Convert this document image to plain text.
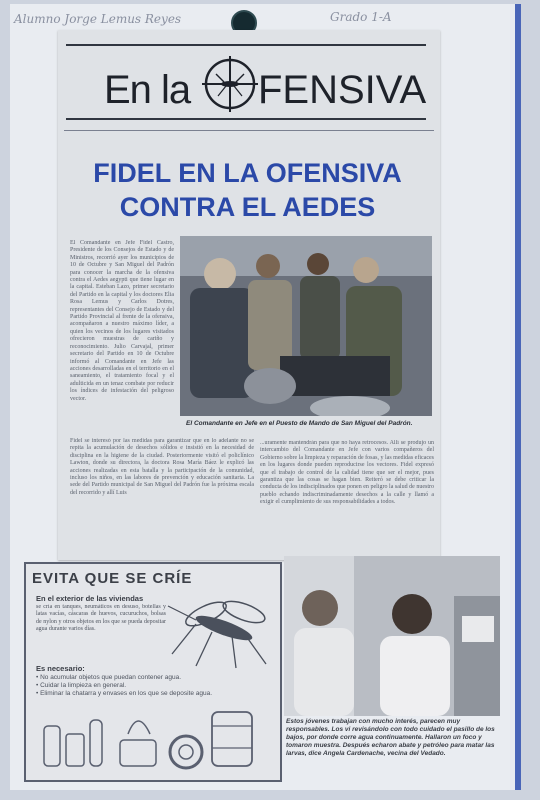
Alumno Jorge Lemus Reyes	Grado 1-A
En la FENSIVA
FIDEL EN LA OFENSIVA
CONTRA EL AEDES
El Comandante en Jefe Fidel Castro, Presidente de los Consejos de Estado y de Ministros, recorrió ayer los municipios de 10 de Octubre y San Miguel del Padrón para conocer la marcha de la ofensiva contra el Aedes aegypti que tiene lugar en la capital. Esteban Lazo, primer secretario del Partido en la capital y los doctores Elia Rosa Lemus y Carlos Dotres, representantes del Consejo de Estado y del Partido Provincial al frente de la ofensiva, acompañaron a nuestro máximo líder, a quien los vecinos de los lugares visitados ofrecieron muestras de cariño y reconocimiento. Julio Carvajal, primer secretario del Partido en 10 de Octubre informó al Comandante en Jefe las acciones desarrolladas en el territorio en el saneamiento, el tratamiento focal y el adulticida en un tenaz combate por reducir los índices de infestación del peligroso vector.
El Comandante en Jefe en el Puesto de Mando de San Miguel del Padrón.
Fidel se interesó por las medidas para garantizar que en lo adelante no se repita la acumulación de desechos sólidos e insistió en la necesidad de disciplina en la higiene de la ciudad. Posteriormente visitó el policlínico Lawton, donde su directora, la doctora Rosa María Báez le explicó las acciones realizadas en esta batalla y la participación de la comunidad, incluso los niños, en las labores de prevención y educación sanitaria. La sede del Partido municipal de San Miguel del Padrón fue la próxima escala del recorrido y allí Luis
...uramente mantendrán para que no haya retrocesos. Allí se produjo un intercambio del Comandante en Jefe con varios compañeros del Gobierno sobre la limpieza y reparación de fosas, y las medidas eficaces en los lugares donde pueden reproducirse los vectores. Fidel expresó que el trabajo de control de la calidad tiene que ser el mejor, pues garantiza que las cosas se hagan bien. Reiteró se debe criticar la conducta de los indisciplinados que ponen en peligro la salud de nuestro pueblo echando indiscriminadamente desechos a la calle y llamó a exigir el cumplimiento de sus responsabilidades a todos.
EVITA QUE SE CRÍE
En el exterior de las viviendas
se cría en tanques, neumáticos en desuso, botellas y latas vacías, cáscaras de huevos, cucuruchos, bolsas de nylon y otros objetos en los que se pueda depositar agua durante varios días.
Es necesario:
• No acumular objetos que puedan contener agua.
• Cuidar la limpieza en general.
• Eliminar la chatarra y envases en los que se deposite agua.
Estos jóvenes trabajan con mucho interés, parecen muy responsables. Los vi revisándolo con todo cuidado el pasillo de los bajos, por donde corre agua continuamente. Hallaron un foco y tomaron muestra. Después echaron abate y petróleo para matar las larvas, dice Angela Cardenache, vecina del Vedado.
